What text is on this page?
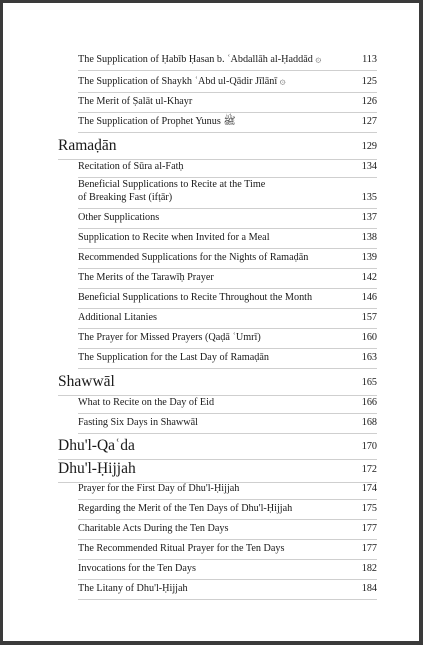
The Supplication of Ḥabīb Ḥasan b. ʿAbdallāh al-Ḥaddād ۞	113
The Supplication of Shaykh ʿAbd ul-Qādir Jīlānī ۞	125
The Merit of Ṣalāt ul-Khayr	126
The Supplication of Prophet Yunus ﷺ	127
Ramaḍān	129
Recitation of Sūra al-Fatḥ	134
Beneficial Supplications to Recite at the Time
of Breaking Fast (ifṭār)	135
Other Supplications	137
Supplication to Recite when Invited for a Meal	138
Recommended Supplications for the Nights of Ramaḍān	139
The Merits of the Tarawīḥ Prayer	142
Beneficial Supplications to Recite Throughout the Month	146
Additional Litanies	157
The Prayer for Missed Prayers (Qaḍā ʿUmrī)	160
The Supplication for the Last Day of Ramaḍān	163
Shawwāl	165
What to Recite on the Day of Eid	166
Fasting Six Days in Shawwāl	168
Dhu'l-Qaʿda	170
Dhu'l-Ḥijjah	172
Prayer for the First Day of Dhu'l-Ḥijjah	174
Regarding the Merit of the Ten Days of Dhu'l-Ḥijjah	175
Charitable Acts During the Ten Days	177
The Recommended Ritual Prayer for the Ten Days	177
Invocations for the Ten Days	182
The Litany of Dhu'l-Ḥijjah	184
